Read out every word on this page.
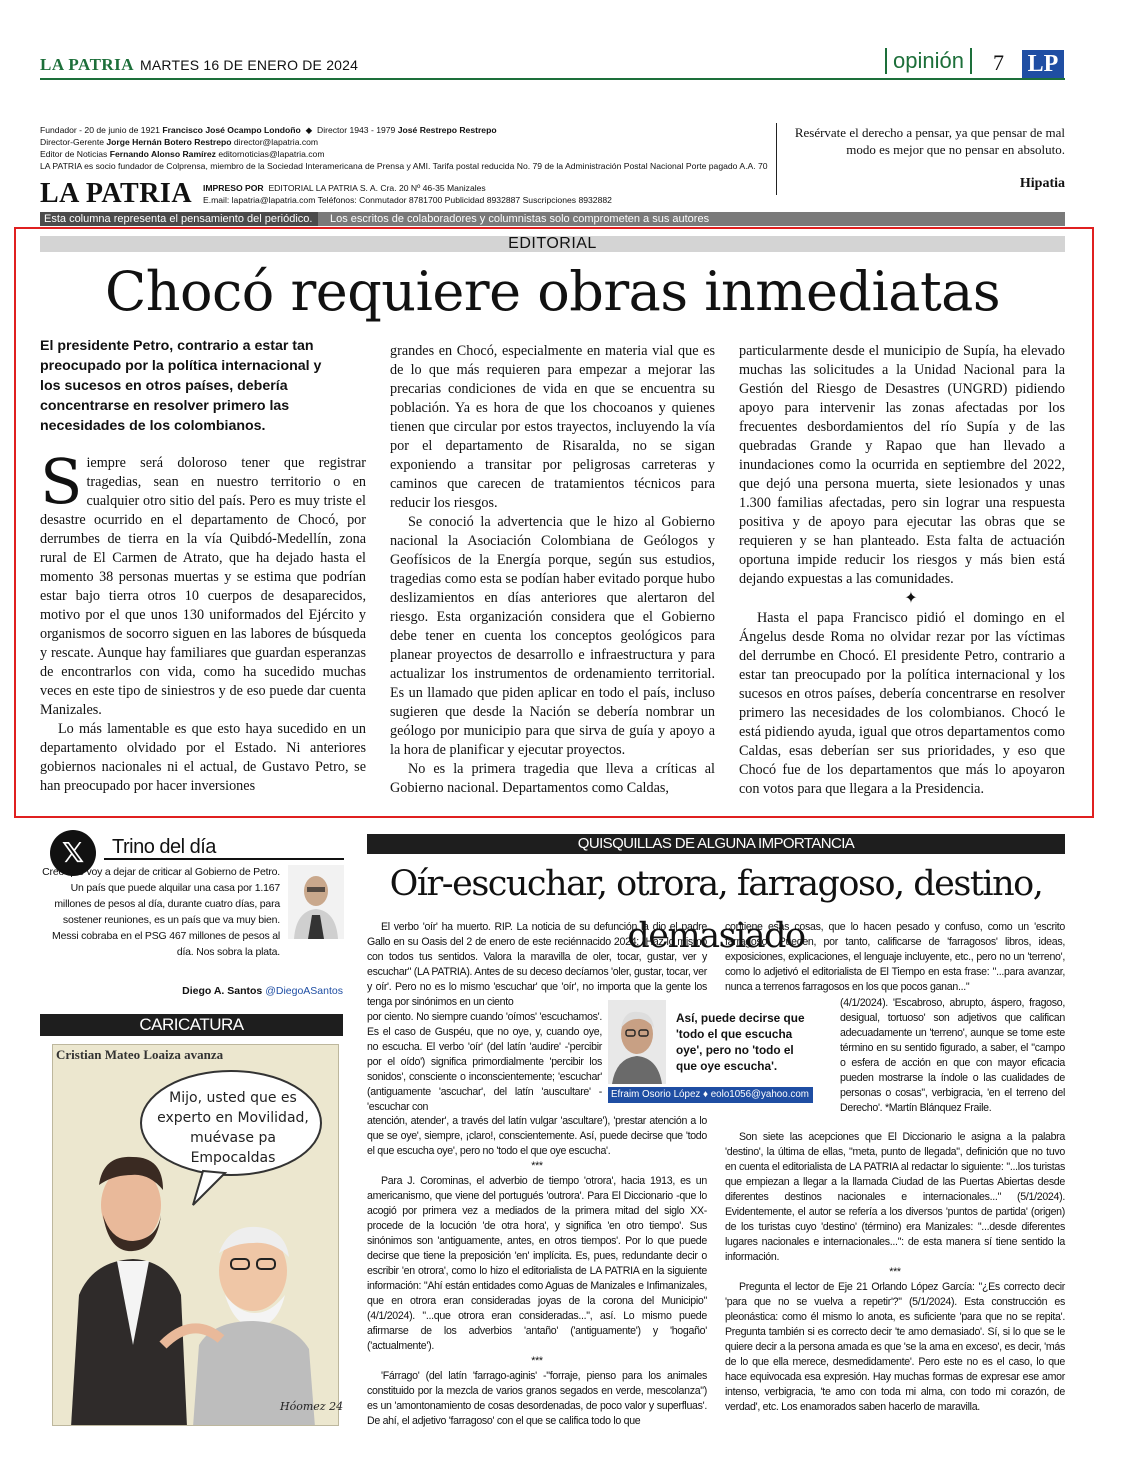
LA PATRIA MARTES 16 DE ENERO DE 2024	opinión	7 LP
Fundador - 20 de junio de 1921 Francisco José Ocampo Londoño  ◆  Director 1943 - 1979 José Restrepo Restrepo
Director-Gerente Jorge Hernán Botero Restrepo director@lapatria.com
Editor de Noticias Fernando Alonso Ramírez editornoticias@lapatria.com
LA PATRIA es socio fundador de Colprensa, miembro de la Sociedad Interamericana de Prensa y AMI. Tarifa postal reducida No. 79 de la Administración Postal Nacional Porte pagado A.A. 70
LA PATRIA IMPRESO POR EDITORIAL LA PATRIA S. A. Cra. 20 Nº 46-35 Manizales
E.mail: lapatria@lapatria.com Teléfonos: Conmutador 8781700 Publicidad 8932887 Suscripciones 8932882
Resérvate el derecho a pensar, ya que pensar de mal modo es mejor que no pensar en absoluto.
Hipatia
Esta columna representa el pensamiento del periódico.	Los escritos de colaboradores y columnistas solo comprometen a sus autores
EDITORIAL
Chocó requiere obras inmediatas
El presidente Petro, contrario a estar tan preocupado por la política internacional y los sucesos en otros países, debería concentrarse en resolver primero las necesidades de los colombianos.

Siempre será doloroso tener que registrar tragedias, sean en nuestro territorio o en cualquier otro sitio del país. Pero es muy triste el desastre ocurrido en el departamento de Chocó, por derrumbes de tierra en la vía Quibdó-Medellín, zona rural de El Carmen de Atrato, que ha dejado hasta el momento 38 personas muertas y se estima que podrían estar bajo tierra otros 10 cuerpos de desaparecidos, motivo por el que unos 130 uniformados del Ejército y organismos de socorro siguen en las labores de búsqueda y rescate. Aunque hay familiares que guardan esperanzas de encontrarlos con vida, como ha sucedido muchas veces en este tipo de siniestros y de eso puede dar cuenta Manizales.

Lo más lamentable es que esto haya sucedido en un departamento olvidado por el Estado. Ni anteriores gobiernos nacionales ni el actual, de Gustavo Petro, se han preocupado por hacer inversiones

grandes en Chocó, especialmente en materia vial que es de lo que más requieren para empezar a mejorar las precarias condiciones de vida en que se encuentra su población. Ya es hora de que los chocoanos y quienes tienen que circular por estos trayectos, incluyendo la vía por el departamento de Risaralda, no se sigan exponiendo a transitar por peligrosas carreteras y caminos que carecen de tratamientos técnicos para reducir los riesgos.

Se conoció la advertencia que le hizo al Gobierno nacional la Asociación Colombiana de Geólogos y Geofísicos de la Energía porque, según sus estudios, tragedias como esta se podían haber evitado porque hubo deslizamientos en días anteriores que alertaron del riesgo. Esta organización considera que el Gobierno debe tener en cuenta los conceptos geológicos para planear proyectos de desarrollo e infraestructura y para actualizar los instrumentos de ordenamiento territorial. Es un llamado que piden aplicar en todo el país, incluso sugieren que desde la Nación se debería nombrar un geólogo por municipio para que sirva de guía y apoyo a la hora de planificar y ejecutar proyectos.

No es la primera tragedia que lleva a críticas al Gobierno nacional. Departamentos como Caldas,

particularmente desde el municipio de Supía, ha elevado muchas las solicitudes a la Unidad Nacional para la Gestión del Riesgo de Desastres (UNGRD) pidiendo apoyo para intervenir las zonas afectadas por los frecuentes desbordamientos del río Supía y de las quebradas Grande y Rapao que han llevado a inundaciones como la ocurrida en septiembre del 2022, que dejó una persona muerta, siete lesionados y unas 1.300 familias afectadas, pero sin lograr una respuesta positiva y de apoyo para ejecutar las obras que se requieren y se han planteado. Esta falta de actuación oportuna impide reducir los riesgos y más bien está dejando expuestas a las comunidades.

✦

Hasta el papa Francisco pidió el domingo en el Ángelus desde Roma no olvidar rezar por las víctimas del derrumbe en Chocó. El presidente Petro, contrario a estar tan preocupado por la política internacional y los sucesos en otros países, debería concentrarse en resolver primero las necesidades de los colombianos. Chocó le está pidiendo ayuda, igual que otros departamentos como Caldas, esas deberían ser sus prioridades, y eso que Chocó fue de los departamentos que más lo apoyaron con votos para que llegara a la Presidencia.

𝕏	Trino del día
Creo que voy a dejar de criticar al Gobierno de Petro. Un país que puede alquilar una casa por 1.167 millones de pesos al día, durante cuatro días, para sostener reuniones, es un país que va muy bien. Messi cobraba en el PSG 467 millones de pesos al día. Nos sobra la plata.
Diego A. Santos @DiegoASantos
CARICATURA
Cristian Mateo Loaiza avanza
Mijo, usted que es experto en Movilidad, muévase pa Empocaldas
Hóomez 24
QUISQUILLAS DE ALGUNA IMPORTANCIA
Oír-escuchar, otrora, farragoso, destino, demasiado

El verbo 'oír' ha muerto. RIP. La noticia de su defunción la dio el padre Gallo en su Oasis del 2 de enero de este reciénnacido 2024: "Haz lo mismo con todos tus sentidos. Valora la maravilla de oler, tocar, gustar, ver y escuchar" (LA PATRIA). Antes de su deceso decíamos 'oler, gustar, tocar, ver y oír'. Pero no es lo mismo 'escuchar' que 'oír', no importa que la gente los tenga por sinónimos en un ciento

por ciento. No siempre cuando 'oímos' 'escuchamos'. Es el caso de Guspéu, que no oye, y, cuando oye, no escucha. El verbo 'oír' (del latín 'audire' -'percibir por el oído') significa primordialmente 'percibir los sonidos', consciente o inconscientemente; 'escuchar' (antiguamente 'ascuchar', del latín 'auscultare' -'escuchar con

atención, atender', a través del latín vulgar 'ascultare'), 'prestar atención a lo que se oye', siempre, ¡claro!, conscientemente. Así, puede decirse que 'todo el que escucha oye', pero no 'todo el que oye escucha'.

***

Para J. Corominas, el adverbio de tiempo 'otrora', hacia 1913, es un americanismo, que viene del portugués 'outrora'. Para El Diccionario -que lo acogió por primera vez a mediados de la primera mitad del siglo XX- procede de la locución 'de otra hora', y significa 'en otro tiempo'. Sus sinónimos son 'antiguamente, antes, en otros tiempos'. Por lo que puede decirse que tiene la preposición 'en' implícita. Es, pues, redundante decir o escribir 'en otrora', como lo hizo el editorialista de LA PATRIA en la siguiente información: "Ahí están entidades como Aguas de Manizales e Infimanizales, que en otrora eran consideradas joyas de la corona del Municipio" (4/1/2024). "...que otrora eran consideradas...", así. Lo mismo puede afirmarse de los adverbios 'antaño' ('antiguamente') y 'hogaño' ('actualmente').

***

'Fárrago' (del latín 'farrago-aginis' -"forraje, pienso para los animales constituido por la mezcla de varios granos segados en verde, mescolanza") es un 'amontonamiento de cosas desordenadas, de poco valor y superfluas'. De ahí, el adjetivo 'farragoso' con el que se califica todo lo que

Así, puede decirse que 'todo el que escucha oye', pero no 'todo el que oye escucha'.
Efraim Osorio López ♦ eolo1056@yahoo.com

contiene esas cosas, que lo hacen pesado y confuso, como un 'escrito farragoso'. Pueden, por tanto, calificarse de 'farragosos' libros, ideas, exposiciones, explicaciones, el lenguaje incluyente, etc., pero no un 'terreno', como lo adjetivó el editorialista de El Tiempo en esta frase: "...para avanzar, nunca a terrenos farragosos en los que pocos ganan..."

(4/1/2024). 'Escabroso, abrupto, áspero, fragoso, desigual, tortuoso' son adjetivos que califican adecuadamente un 'terreno', aunque se tome este término en su sentido figurado, a saber, el "campo o esfera de acción en que con mayor eficacia pueden mostrarse la índole o las cualidades de personas o cosas", verbigracia, 'en el terreno del Derecho'. *Martín Blánquez Fraile.

Son siete las acepciones que El Diccionario le asigna a la palabra 'destino', la última de ellas, "meta, punto de llegada", definición que no tuvo en cuenta el editorialista de LA PATRIA al redactar lo siguiente: "...los turistas que empiezan a llegar a la llamada Ciudad de las Puertas Abiertas desde diferentes destinos nacionales e internacionales..." (5/1/2024). Evidentemente, el autor se refería a los diversos 'puntos de partida' (origen) de los turistas cuyo 'destino' (término) era Manizales: "...desde diferentes lugares nacionales e internacionales...": de esta manera sí tiene sentido la información.

***

Pregunta el lector de Eje 21 Orlando López García: "¿Es correcto decir 'para que no se vuelva a repetir'?" (5/1/2024). Esta construcción es pleonástica: como él mismo lo anota, es suficiente 'para que no se repita'. Pregunta también si es correcto decir 'te amo demasiado'. Sí, si lo que se le quiere decir a la persona amada es que 'se la ama en exceso', es decir, 'más de lo que ella merece, desmedidamente'. Pero este no es el caso, lo que hace equivocada esa expresión. Hay muchas formas de expresar ese amor intenso, verbigracia, 'te amo con toda mi alma, con todo mi corazón, de verdad', etc. Los enamorados saben hacerlo de maravilla.
